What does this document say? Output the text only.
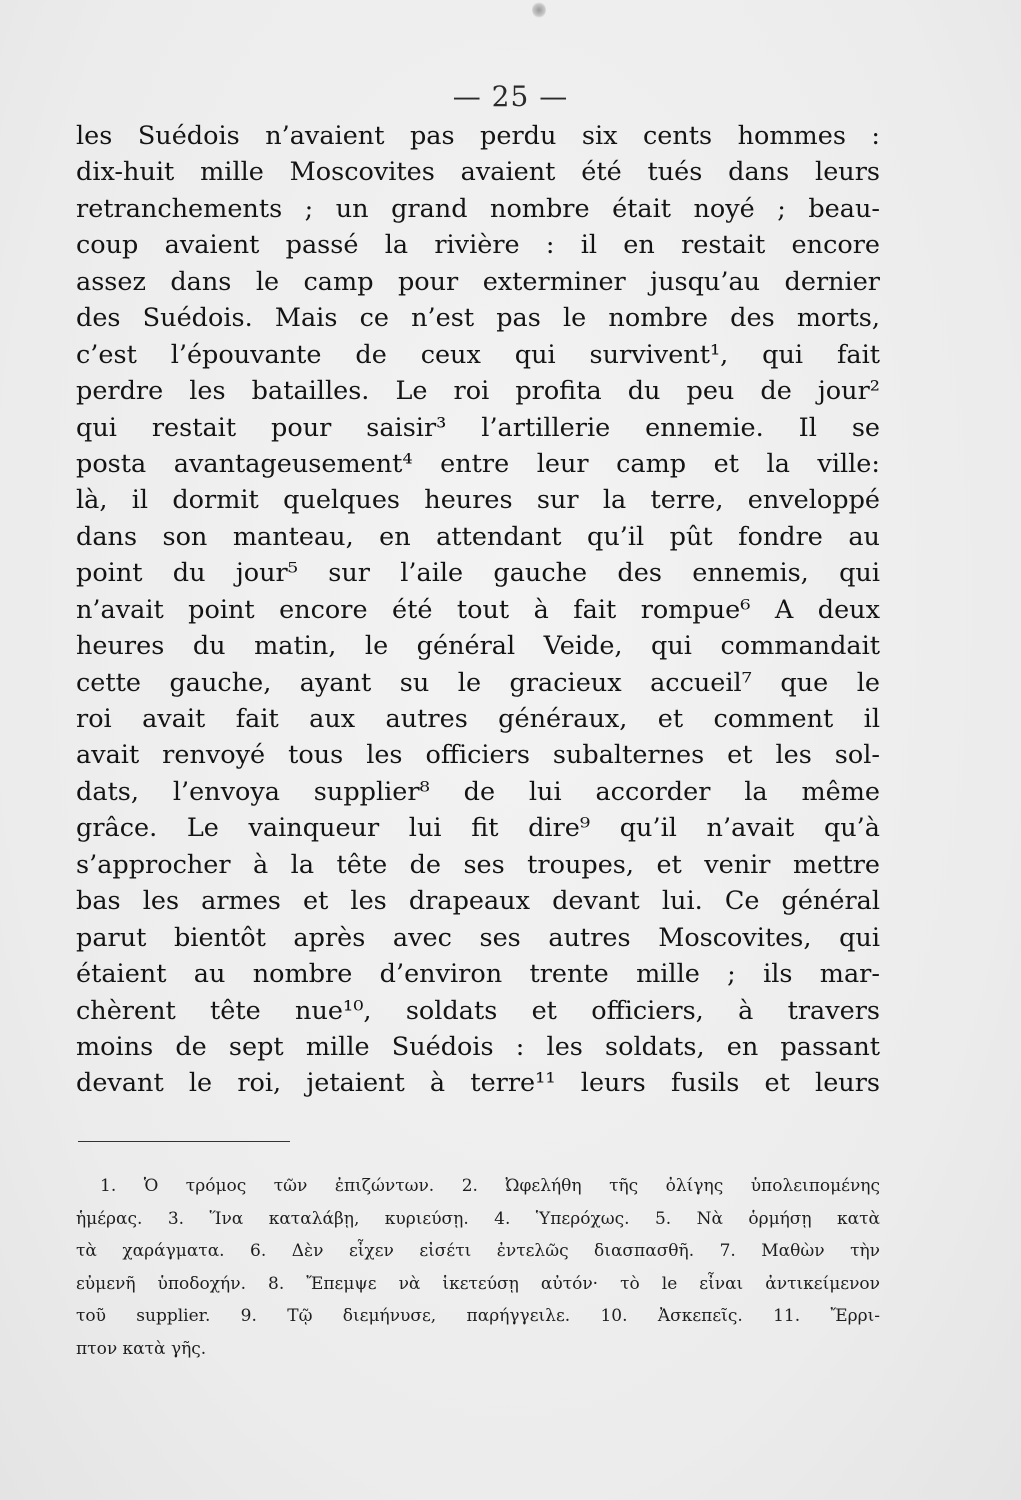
— 25 —
les Suédois n’avaient pas perdu six cents hommes :
dix-huit mille Moscovites avaient été tués dans leurs
retranchements ; un grand nombre était noyé ; beau-
coup avaient passé la rivière : il en restait encore
assez dans le camp pour exterminer jusqu’au dernier
des Suédois. Mais ce n’est pas le nombre des morts,
c’est l’épouvante de ceux qui survivent¹, qui fait
perdre les batailles. Le roi profita du peu de jour²
qui restait pour saisir³ l’artillerie ennemie. Il se
posta avantageusement⁴ entre leur camp et la ville:
là, il dormit quelques heures sur la terre, enveloppé
dans son manteau, en attendant qu’il pût fondre au
point du jour⁵ sur l’aile gauche des ennemis, qui
n’avait point encore été tout à fait rompue⁶ A deux
heures du matin, le général Veide, qui commandait
cette gauche, ayant su le gracieux accueil⁷ que le
roi avait fait aux autres généraux, et comment il
avait renvoyé tous les officiers subalternes et les sol-
dats, l’envoya supplier⁸ de lui accorder la même
grâce. Le vainqueur lui fit dire⁹ qu’il n’avait qu’à
s’approcher à la tête de ses troupes, et venir mettre
bas les armes et les drapeaux devant lui. Ce général
parut bientôt après avec ses autres Moscovites, qui
étaient au nombre d’environ trente mille ; ils mar-
chèrent tête nue¹⁰, soldats et officiers, à travers
moins de sept mille Suédois : les soldats, en passant
devant le roi, jetaient à terre¹¹ leurs fusils et leurs
1. Ὁ τρόμος τῶν ἐπιζώντων. 2. Ὠφελήθη τῆς ὀλίγης ὑπολειπομένης
ἡμέρας. 3. Ἵνα καταλάβῃ, κυριεύσῃ. 4. Ὑπερόχως. 5. Νὰ ὁρμήσῃ κατὰ
τὰ χαράγματα. 6. Δὲν εἶχεν εἰσέτι ἐντελῶς διασπασθῆ. 7. Μαθὼν τὴν
εὐμενῆ ὑποδοχήν. 8. Ἔπεμψε νὰ ἱκετεύσῃ αὐτόν· τὸ le εἶναι ἀντικείμενον
τοῦ supplier. 9. Τῷ διεμήνυσε, παρήγγειλε. 10. Ἀσκεπεῖς. 11. Ἔρρι-
πτον κατὰ γῆς.
